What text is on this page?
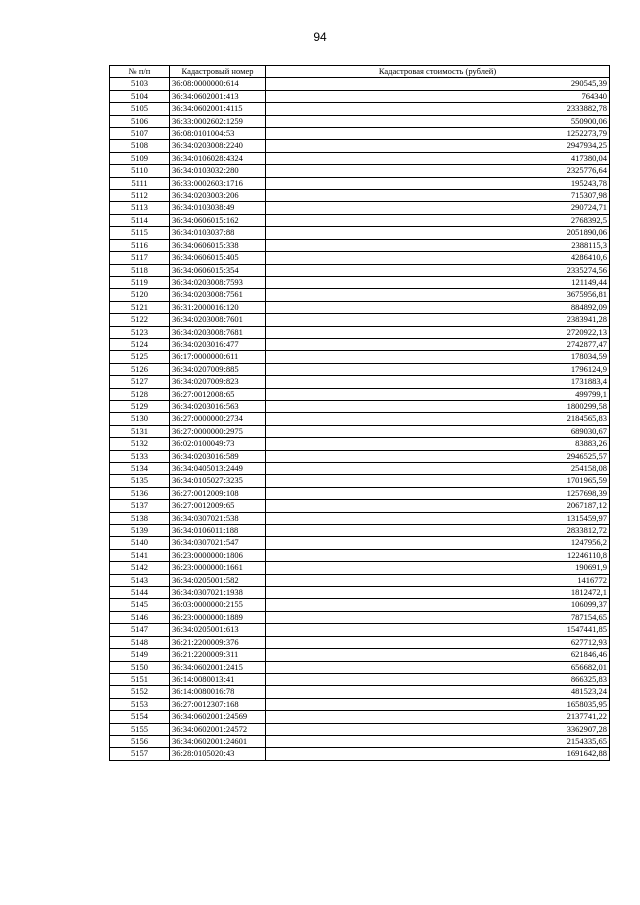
94
№ п/п	Кадастровый номер	Кадастровая стоимость (рублей)
5103	36:08:0000000:614	290545,39
5104	36:34:0602001:413	764340
5105	36:34:0602001:4115	2333882,78
5106	36:33:0002602:1259	550900,06
5107	36:08:0101004:53	1252273,79
5108	36:34:0203008:2240	2947934,25
5109	36:34:0106028:4324	417380,04
5110	36:34:0103032:280	2325776,64
5111	36:33:0002603:1716	195243,78
5112	36:34:0203003:206	715307,98
5113	36:34:0103038:49	290724,71
5114	36:34:0606015:162	2768392,5
5115	36:34:0103037:88	2051890,06
5116	36:34:0606015:338	2388115,3
5117	36:34:0606015:405	4286410,6
5118	36:34:0606015:354	2335274,56
5119	36:34:0203008:7593	121149,44
5120	36:34:0203008:7561	3675956,81
5121	36:31:2000016:120	884892,09
5122	36:34:0203008:7601	2383941,28
5123	36:34:0203008:7681	2720922,13
5124	36:34:0203016:477	2742877,47
5125	36:17:0000000:611	178034,59
5126	36:34:0207009:885	1796124,9
5127	36:34:0207009:823	1731883,4
5128	36:27:0012008:65	499799,1
5129	36:34:0203016:563	1800299,58
5130	36:27:0000000:2734	2184565,83
5131	36:27:0000000:2975	689030,67
5132	36:02:0100049:73	83883,26
5133	36:34:0203016:589	2946525,57
5134	36:34:0405013:2449	254158,08
5135	36:34:0105027:3235	1701965,59
5136	36:27:0012009:108	1257698,39
5137	36:27:0012009:65	2067187,12
5138	36:34:0307021:538	1315459,97
5139	36:34:0106011:188	2833812,72
5140	36:34:0307021:547	1247956,2
5141	36:23:0000000:1806	12246110,8
5142	36:23:0000000:1661	190691,9
5143	36:34:0205001:582	1416772
5144	36:34:0307021:1938	1812472,1
5145	36:03:0000000:2155	106099,37
5146	36:23:0000000:1889	787154,65
5147	36:34:0205001:613	1547441,85
5148	36:21:2200009:376	627712,93
5149	36:21:2200009:311	621846,46
5150	36:34:0602001:2415	656682,01
5151	36:14:0080013:41	866325,83
5152	36:14:0080016:78	481523,24
5153	36:27:0012307:168	1658035,95
5154	36:34:0602001:24569	2137741,22
5155	36:34:0602001:24572	3362907,28
5156	36:34:0602001:24601	2154335,65
5157	36:28:0105020:43	1691642,88
